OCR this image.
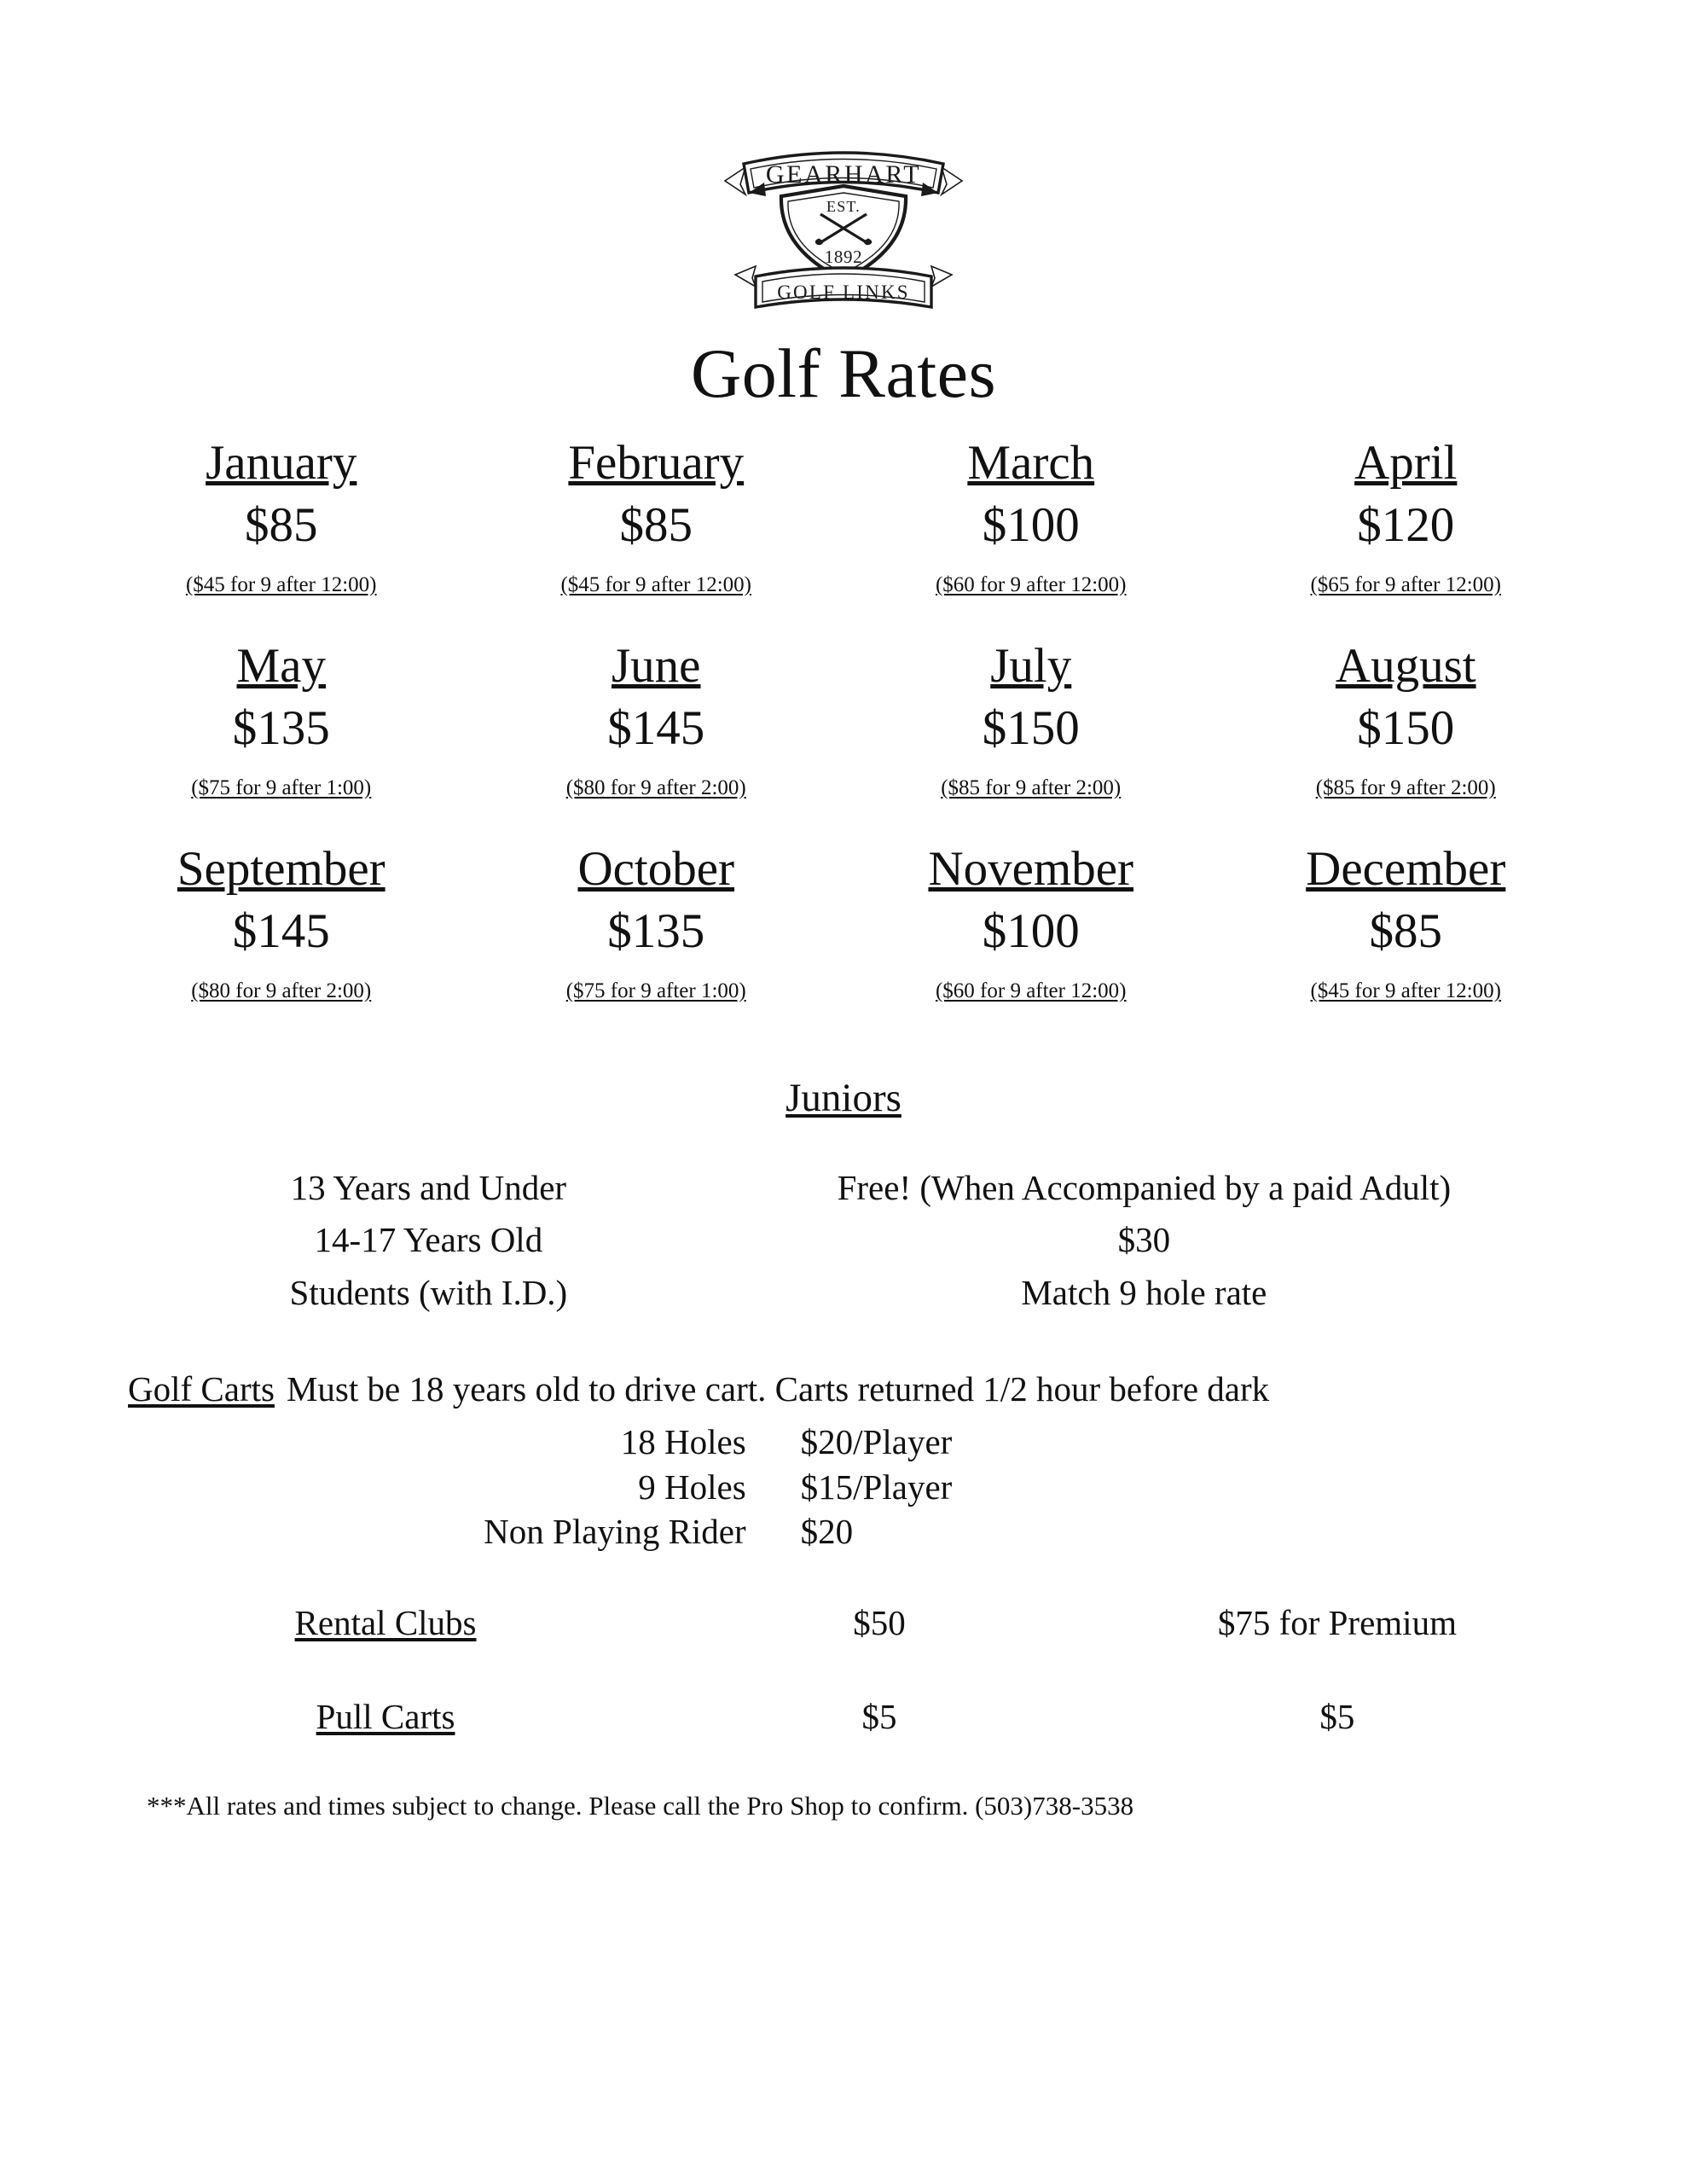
GEARHART
EST.
1892
GOLF LINKS
Golf Rates
January
$85
($45 for 9 after 12:00)
February
$85
($45 for 9 after 12:00)
March
$100
($60 for 9 after 12:00)
April
$120
($65 for 9 after 12:00)
May
$135
($75 for 9 after 1:00)
June
$145
($80 for 9 after 2:00)
July
$150
($85 for 9 after 2:00)
August
$150
($85 for 9 after 2:00)
September
$145
($80 for 9 after 2:00)
October
$135
($75 for 9 after 1:00)
November
$100
($60 for 9 after 12:00)
December
$85
($45 for 9 after 12:00)
Juniors
13 Years and Under	Free! (When Accompanied by a paid Adult)
14-17 Years Old	$30
Students (with I.D.)	Match 9 hole rate
Golf Carts Must be 18 years old to drive cart. Carts returned 1/2 hour before dark
18 Holes	$20/Player
9 Holes	$15/Player
Non Playing Rider	$20
Rental Clubs	$50	$75 for Premium
Pull Carts	$5	$5
***All rates and times subject to change. Please call the Pro Shop to confirm. (503)738-3538
